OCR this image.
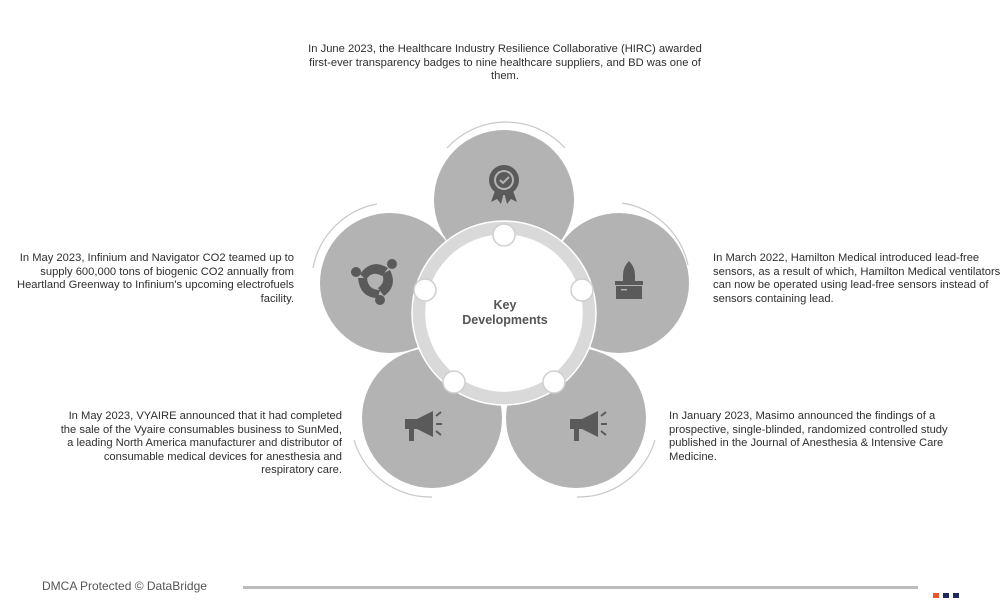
Key
Developments
In June 2023, the Healthcare Industry Resilience Collaborative (HIRC) awarded first-ever transparency badges to nine healthcare suppliers, and BD was one of them.
In May 2023, Infinium and Navigator CO2 teamed up to supply 600,000 tons of biogenic CO2 annually from Heartland Greenway to Infinium's upcoming electrofuels facility.
In March 2022, Hamilton Medical introduced lead-free sensors, as a result of which, Hamilton Medical ventilators can now be operated using lead-free sensors instead of sensors containing lead.
In May 2023, VYAIRE announced that it had completed the sale of the Vyaire consumables business to SunMed, a leading North America manufacturer and distributor of consumable medical devices for anesthesia and respiratory care.
In January 2023, Masimo announced the findings of a prospective, single-blinded, randomized controlled study published in the Journal of Anesthesia & Intensive Care Medicine.
DMCA Protected © DataBridge
